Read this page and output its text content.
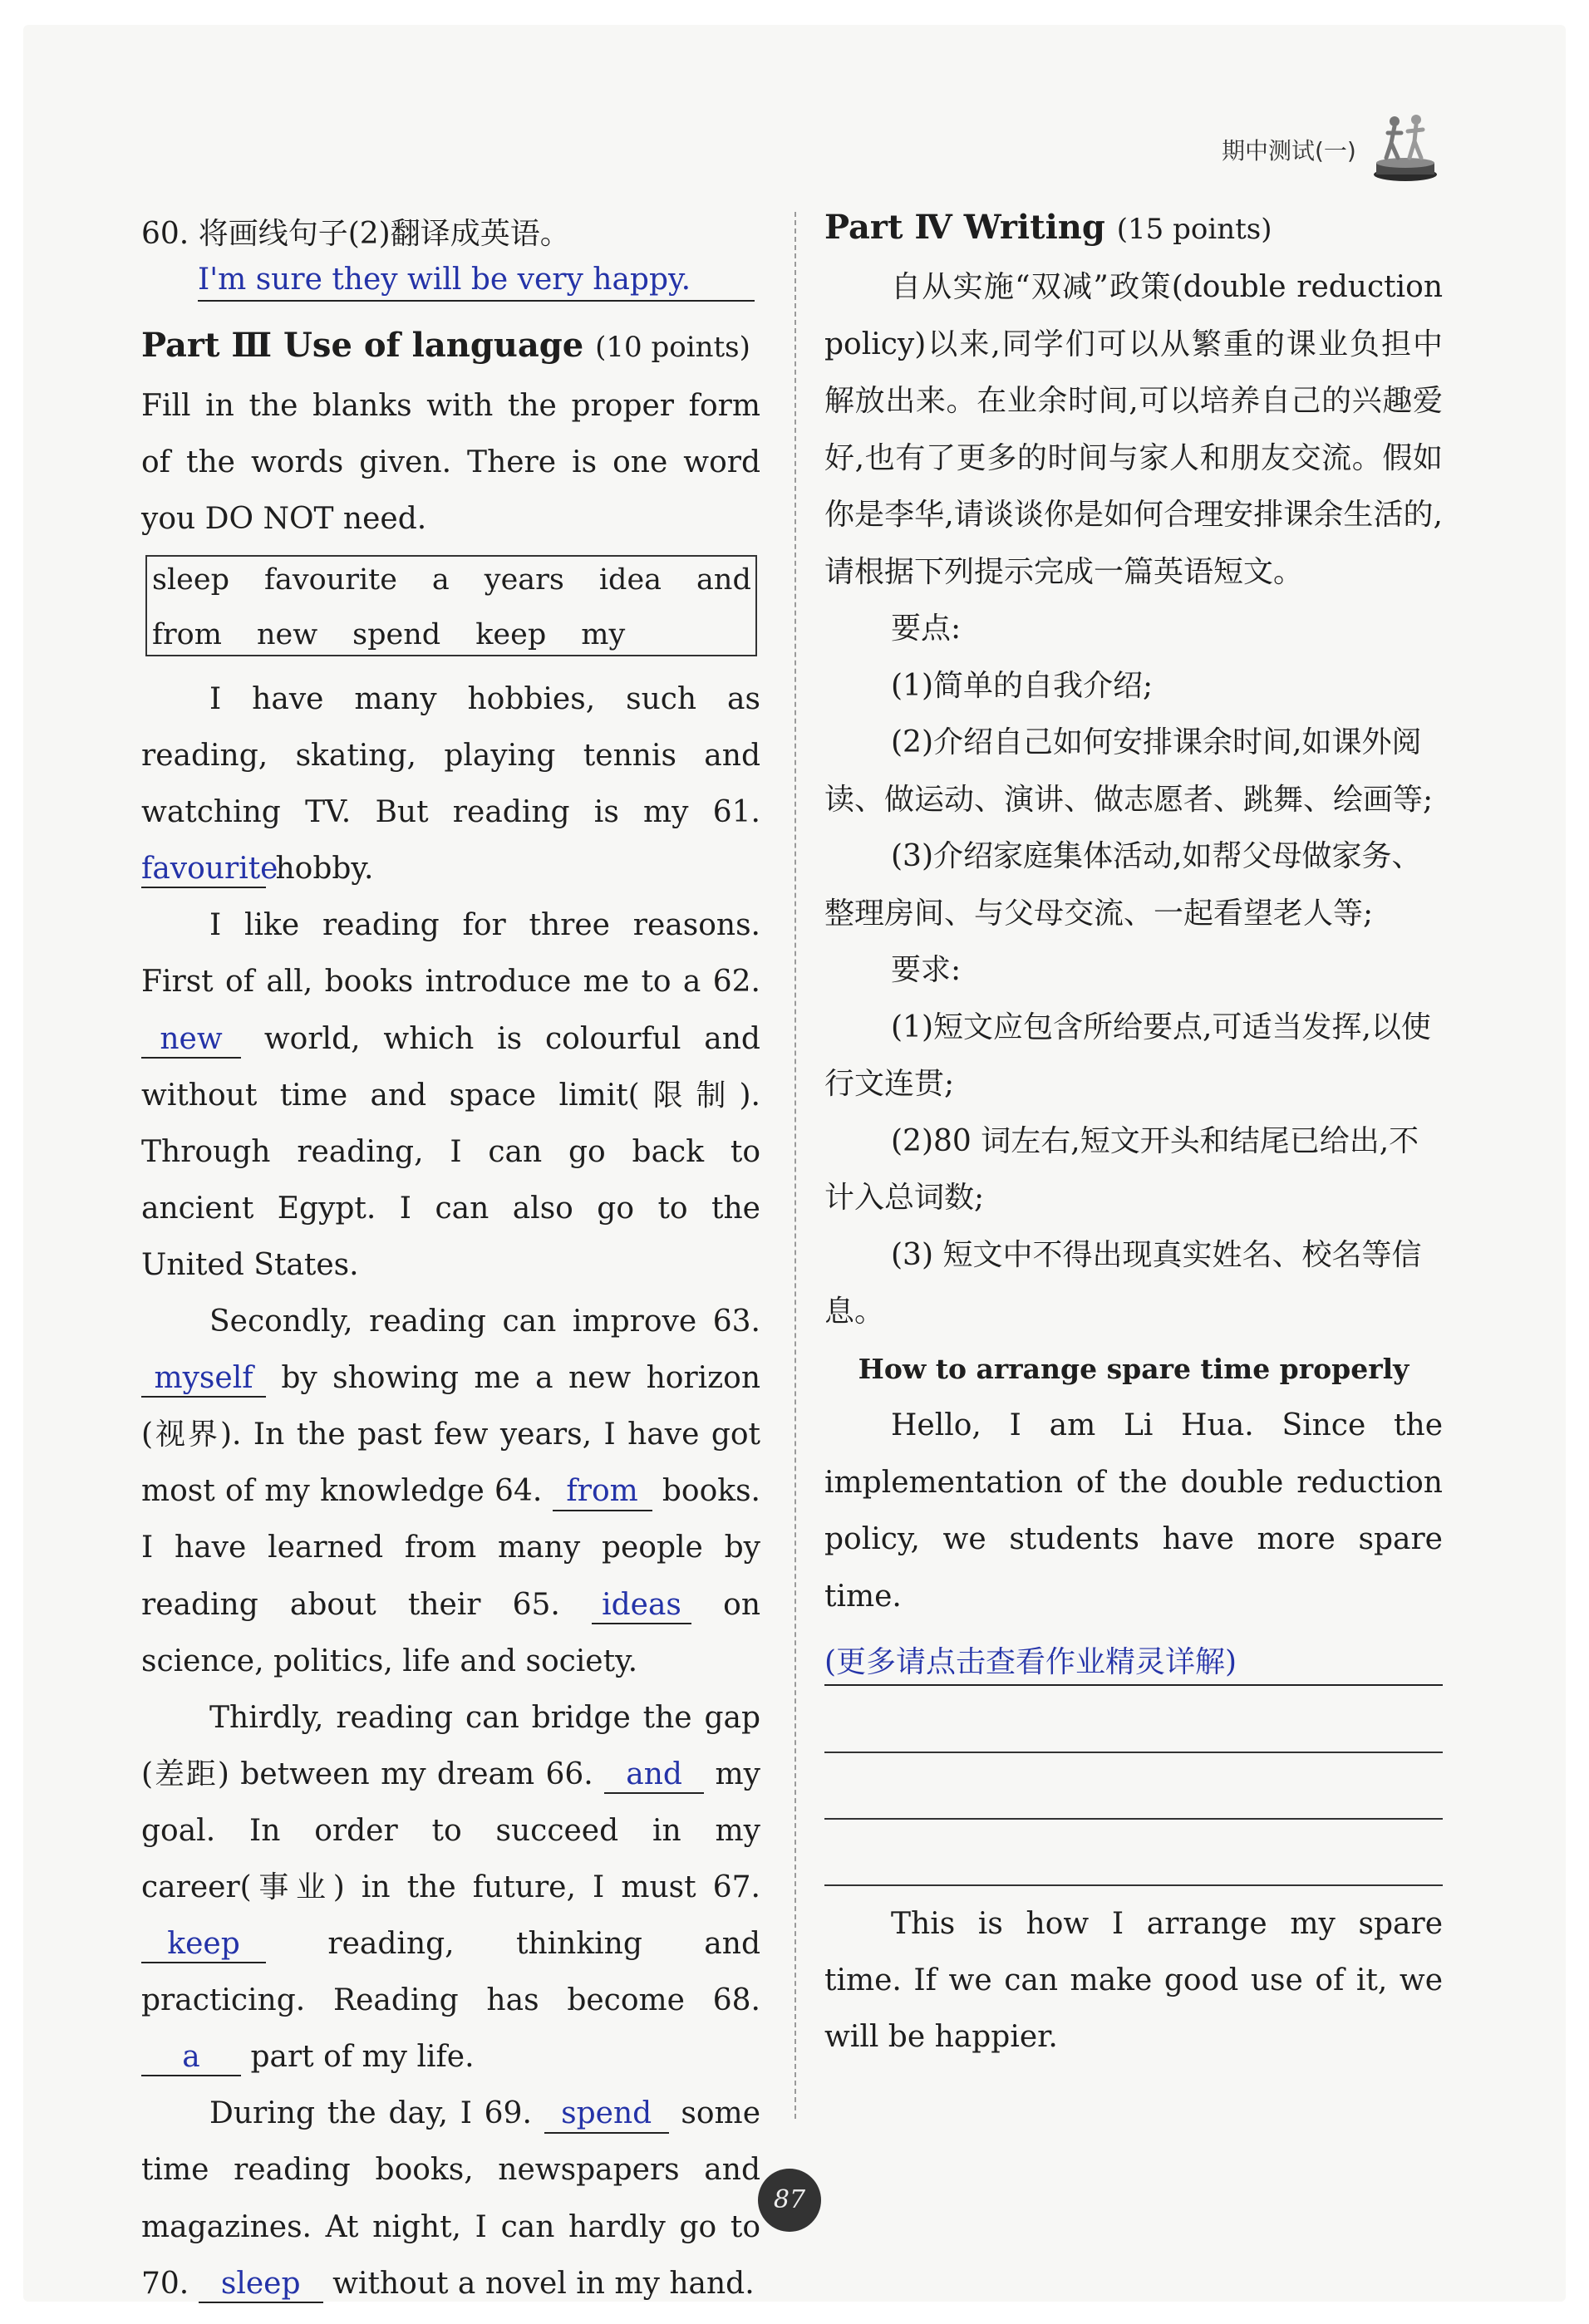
期中测试(一)
60. 将画线句子(2)翻译成英语。
I'm sure they will be very happy.
Part Ⅲ Use of language (10 points)
Fill in the blanks with the proper form of the words given. There is one word you DO NOT need.
sleep favourite a years idea and
from new spend keep my

I have many hobbies, such as reading, skating, playing tennis and watching TV. But reading is my 61. favourite hobby.

I like reading for three reasons. First of all, books introduce me to a 62. new world, which is colourful and without time and space limit(限制). Through reading, I can go back to ancient Egypt. I can also go to the United States.

Secondly, reading can improve 63. myself by showing me a new horizon (视界). In the past few years, I have got most of my knowledge 64. from books. I have learned from many people by reading about their 65. ideas on science, politics, life and society.

Thirdly, reading can bridge the gap (差距) between my dream 66. and my goal. In order to succeed in my career(事业) in the future, I must 67. keep	reading, thinking and practicing. Reading has become 68. a part of my life.

During the day, I 69. spend some time reading books, newspapers and magazines. At night, I can hardly go to 70. sleep without a novel in my hand.

Part Ⅳ Writing (15 points)

自从实施“双减”政策(double reduction policy)以来,同学们可以从繁重的课业负担中解放出来。在业余时间,可以培养自己的兴趣爱好,也有了更多的时间与家人和朋友交流。假如你是李华,请谈谈你是如何合理安排课余生活的,请根据下列提示完成一篇英语短文。

要点:

(1)简单的自我介绍;

(2)介绍自己如何安排课余时间,如课外阅读、做运动、演讲、做志愿者、跳舞、绘画等;

(3)介绍家庭集体活动,如帮父母做家务、整理房间、与父母交流、一起看望老人等;

要求:

(1)短文应包含所给要点,可适当发挥,以使行文连贯;

(2)80 词左右,短文开头和结尾已给出,不计入总词数;

(3) 短文中不得出现真实姓名、校名等信息。

How to arrange spare time properly

Hello, I am Li Hua. Since the implementation of the double reduction policy, we students have more spare time.

(更多请点击查看作业精灵详解)

This is how I arrange my spare time. If we can make good use of it, we will be happier.

87
